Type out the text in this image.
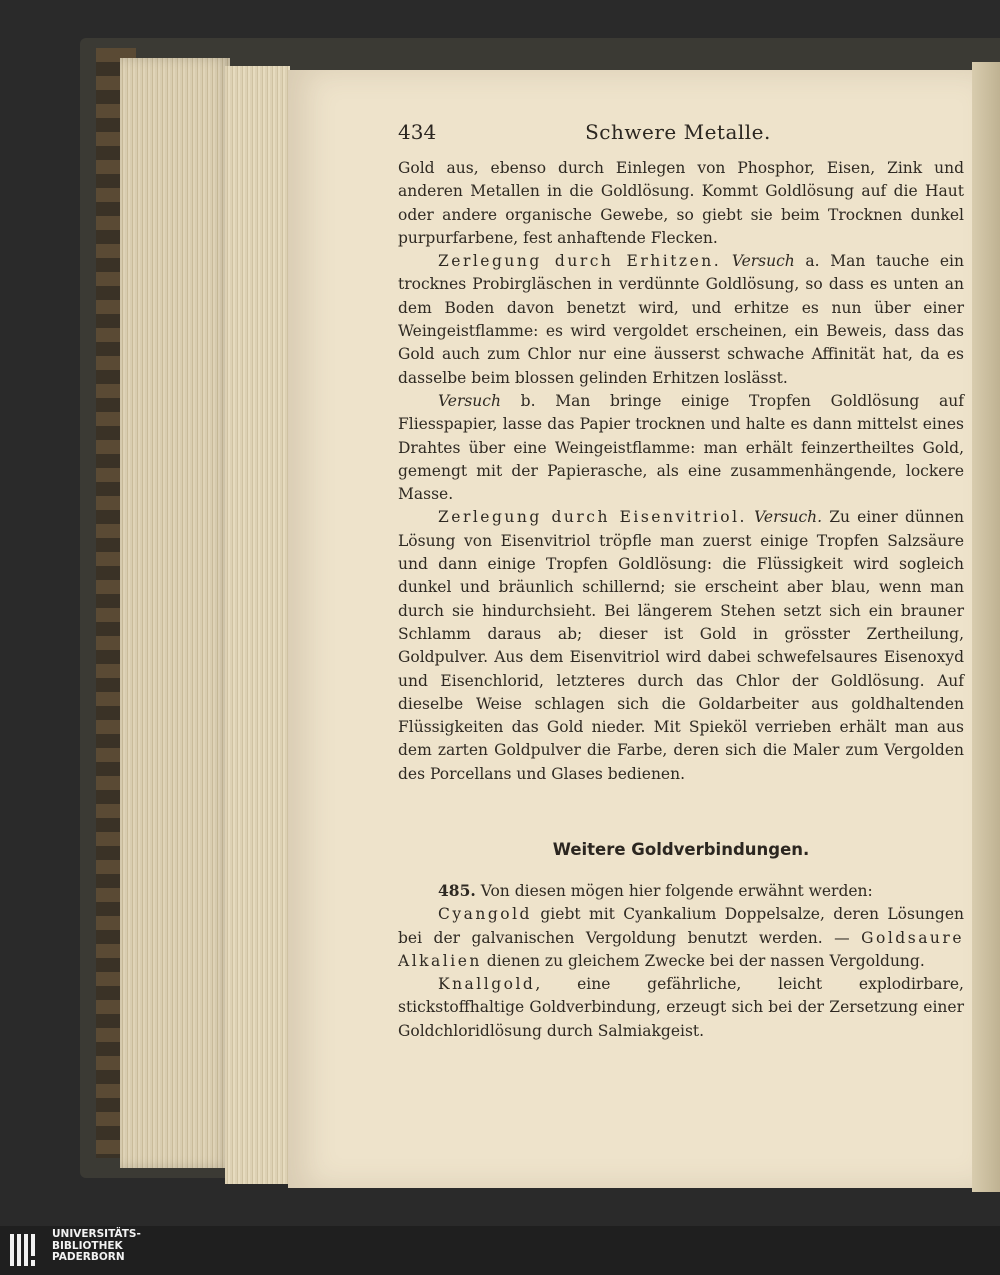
434	Schwere Metalle.

Gold aus, ebenso durch Einlegen von Phosphor, Eisen, Zink und anderen Metallen in die Goldlösung. Kommt Goldlösung auf die Haut oder andere organische Gewebe, so giebt sie beim Trocknen dunkel purpurfarbene, fest anhaftende Flecken.

Zerlegung durch Erhitzen. Versuch a. Man tauche ein trocknes Probirgläschen in verdünnte Goldlösung, so dass es unten an dem Boden davon benetzt wird, und erhitze es nun über einer Weingeistflamme: es wird vergoldet erscheinen, ein Beweis, dass das Gold auch zum Chlor nur eine äusserst schwache Affinität hat, da es dasselbe beim blossen gelinden Erhitzen loslässt.

Versuch b. Man bringe einige Tropfen Goldlösung auf Fliesspapier, lasse das Papier trocknen und halte es dann mittelst eines Drahtes über eine Weingeistflamme: man erhält feinzertheiltes Gold, gemengt mit der Papierasche, als eine zusammenhängende, lockere Masse.

Zerlegung durch Eisenvitriol. Versuch. Zu einer dünnen Lösung von Eisenvitriol tröpfle man zuerst einige Tropfen Salzsäure und dann einige Tropfen Goldlösung: die Flüssigkeit wird sogleich dunkel und bräunlich schillernd; sie erscheint aber blau, wenn man durch sie hindurchsieht. Bei längerem Stehen setzt sich ein brauner Schlamm daraus ab; dieser ist Gold in grösster Zertheilung, Goldpulver. Aus dem Eisenvitriol wird dabei schwefelsaures Eisenoxyd und Eisenchlorid, letzteres durch das Chlor der Goldlösung. Auf dieselbe Weise schlagen sich die Goldarbeiter aus goldhaltenden Flüssigkeiten das Gold nieder. Mit Spieköl verrieben erhält man aus dem zarten Goldpulver die Farbe, deren sich die Maler zum Vergolden des Porcellans und Glases bedienen.

Weitere Goldverbindungen.

485. Von diesen mögen hier folgende erwähnt werden:

Cyangold giebt mit Cyankalium Doppelsalze, deren Lösungen bei der galvanischen Vergoldung benutzt werden. — Goldsaure Alkalien dienen zu gleichem Zwecke bei der nassen Vergoldung.

Knallgold, eine gefährliche, leicht explodirbare, stickstoffhaltige Goldverbindung, erzeugt sich bei der Zersetzung einer Goldchloridlösung durch Salmiakgeist.

UNIVERSITÄTS-
BIBLIOTHEK
PADERBORN
